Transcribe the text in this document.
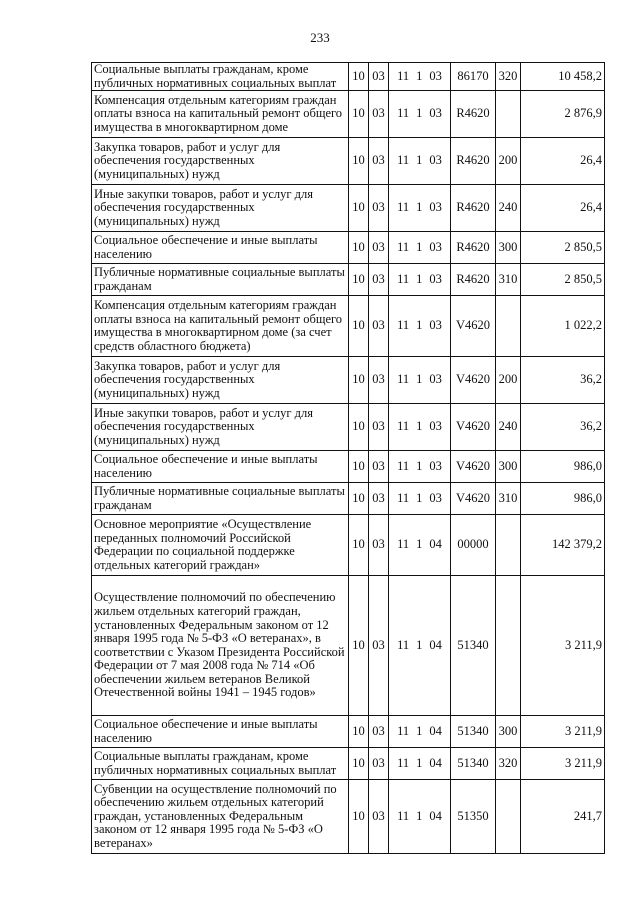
233
Социальные выплаты гражданам, кроме публичных нормативных социальных выплат	10	03	11 1 03	86170	320	10 458,2
Компенсация отдельным категориям граждан оплаты взноса на капитальный ремонт общего имущества в многоквартирном доме	10	03	11 1 03	R4620		2 876,9
Закупка товаров, работ и услуг для обеспечения государственных (муниципальных) нужд	10	03	11 1 03	R4620	200	26,4
Иные закупки товаров, работ и услуг для обеспечения государственных (муниципальных) нужд	10	03	11 1 03	R4620	240	26,4
Социальное обеспечение и иные выплаты населению	10	03	11 1 03	R4620	300	2 850,5
Публичные нормативные социальные выплаты гражданам	10	03	11 1 03	R4620	310	2 850,5
Компенсация отдельным категориям граждан оплаты взноса на капитальный ремонт общего имущества в многоквартирном доме (за счет средств областного бюджета)	10	03	11 1 03	V4620		1 022,2
Закупка товаров, работ и услуг для обеспечения государственных (муниципальных) нужд	10	03	11 1 03	V4620	200	36,2
Иные закупки товаров, работ и услуг для обеспечения государственных (муниципальных) нужд	10	03	11 1 03	V4620	240	36,2
Социальное обеспечение и иные выплаты населению	10	03	11 1 03	V4620	300	986,0
Публичные нормативные социальные выплаты гражданам	10	03	11 1 03	V4620	310	986,0
Основное мероприятие «Осуществление переданных полномочий Российской Федерации по социальной поддержке отдельных категорий граждан»	10	03	11 1 04	00000		142 379,2
Осуществление полномочий по обеспечению жильем отдельных категорий граждан, установленных Федеральным законом от 12 января 1995 года № 5-ФЗ «О ветеранах», в соответствии с Указом Президента Российской Федерации от 7 мая 2008 года № 714 «Об обеспечении жильем ветеранов Великой Отечественной войны 1941 – 1945 годов»	10	03	11 1 04	51340		3 211,9
Социальное обеспечение и иные выплаты населению	10	03	11 1 04	51340	300	3 211,9
Социальные выплаты гражданам, кроме публичных нормативных социальных выплат	10	03	11 1 04	51340	320	3 211,9
Субвенции на осуществление полномочий по обеспечению жильем отдельных категорий граждан, установленных Федеральным законом от 12 января 1995 года № 5-ФЗ «О ветеранах»	10	03	11 1 04	51350		241,7
